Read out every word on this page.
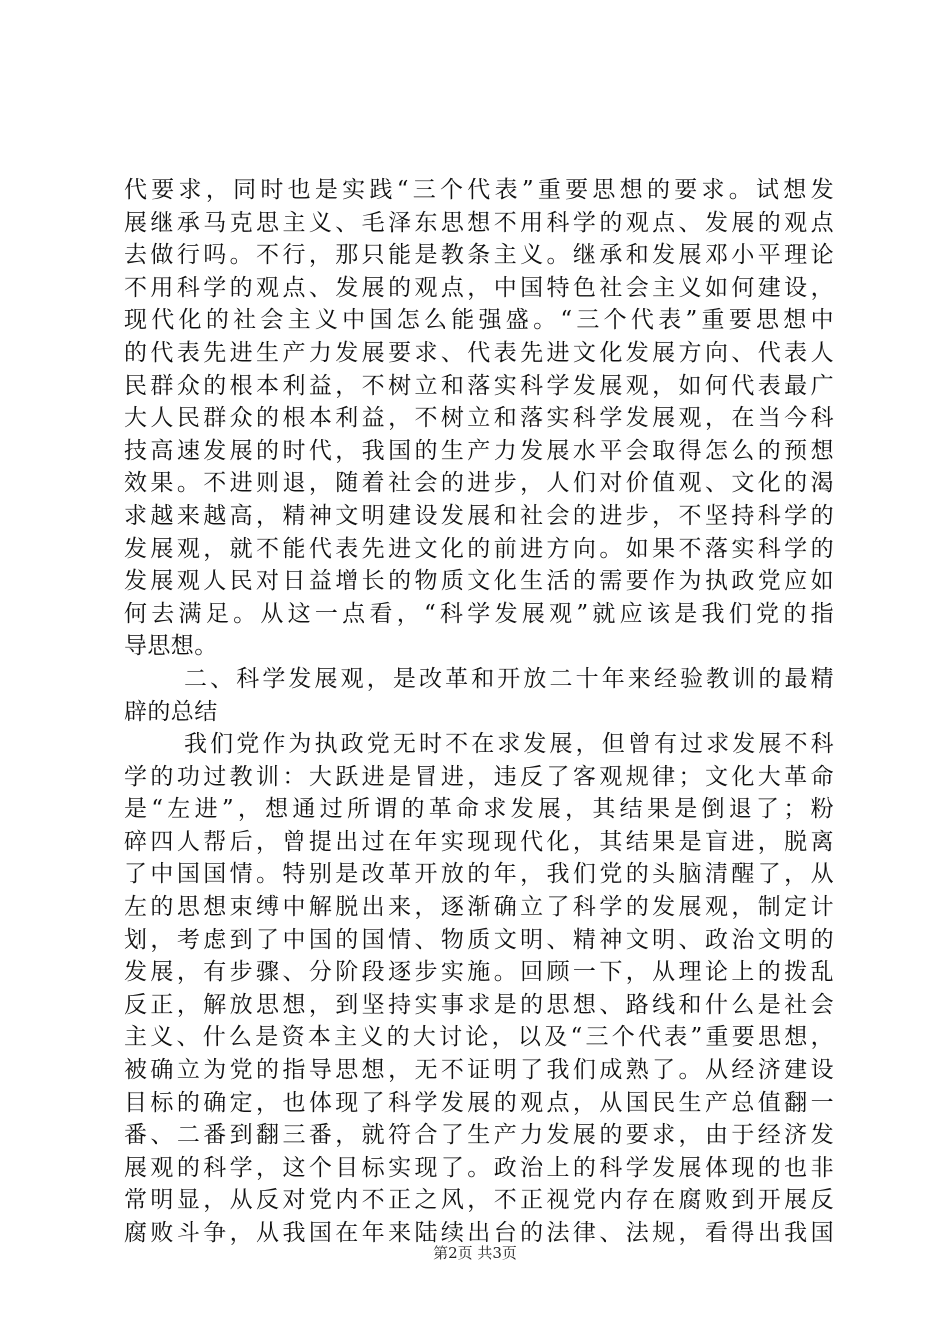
代要求，同时也是实践“三个代表”重要思想的要求。试想发
展继承马克思主义、毛泽东思想不用科学的观点、发展的观点
去做行吗。不行，那只能是教条主义。继承和发展邓小平理论
不用科学的观点、发展的观点，中国特色社会主义如何建设，
现代化的社会主义中国怎么能强盛。“三个代表”重要思想中
的代表先进生产力发展要求、代表先进文化发展方向、代表人
民群众的根本利益，不树立和落实科学发展观，如何代表最广
大人民群众的根本利益，不树立和落实科学发展观，在当今科
技高速发展的时代，我国的生产力发展水平会取得怎么的预想
效果。不进则退，随着社会的进步，人们对价值观、文化的渴
求越来越高，精神文明建设发展和社会的进步，不坚持科学的
发展观，就不能代表先进文化的前进方向。如果不落实科学的
发展观人民对日益增长的物质文化生活的需要作为执政党应如
何去满足。从这一点看，“科学发展观”就应该是我们党的指
导思想。
二、科学发展观，是改革和开放二十年来经验教训的最精
辟的总结
我们党作为执政党无时不在求发展，但曾有过求发展不科
学的功过教训：大跃进是冒进，违反了客观规律；文化大革命
是“左进”，想通过所谓的革命求发展，其结果是倒退了；粉
碎四人帮后，曾提出过在年实现现代化，其结果是盲进，脱离
了中国国情。特别是改革开放的年，我们党的头脑清醒了，从
左的思想束缚中解脱出来，逐渐确立了科学的发展观，制定计
划，考虑到了中国的国情、物质文明、精神文明、政治文明的
发展，有步骤、分阶段逐步实施。回顾一下，从理论上的拨乱
反正，解放思想，到坚持实事求是的思想、路线和什么是社会
主义、什么是资本主义的大讨论，以及“三个代表”重要思想，
被确立为党的指导思想，无不证明了我们成熟了。从经济建设
目标的确定，也体现了科学发展的观点，从国民生产总值翻一
番、二番到翻三番，就符合了生产力发展的要求，由于经济发
展观的科学，这个目标实现了。政治上的科学发展体现的也非
常明显，从反对党内不正之风，不正视党内存在腐败到开展反
腐败斗争，从我国在年来陆续出台的法律、法规，看得出我国
第2页 共3页
